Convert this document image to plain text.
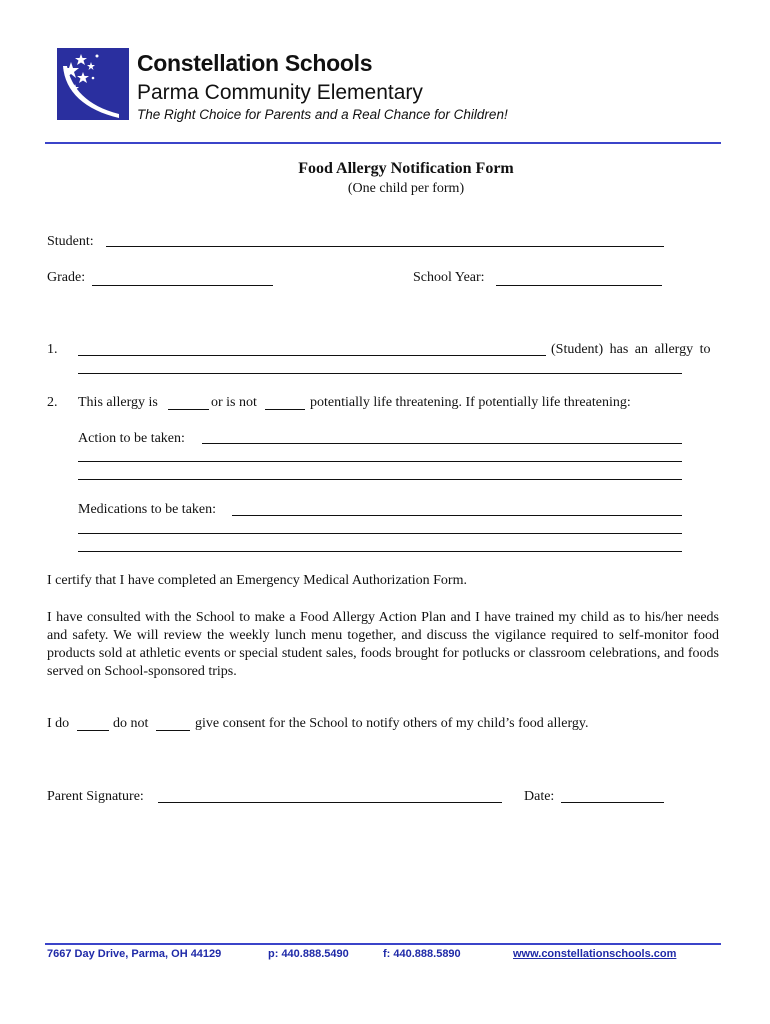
Constellation Schools
Parma Community Elementary
The Right Choice for Parents and a Real Chance for Children!
Food Allergy Notification Form
(One child per form)
Student:
Grade:	School Year:
1.	(Student) has an allergy to
2. This allergy is	or is not	potentially life threatening. If potentially life threatening:
Action to be taken:
Medications to be taken:
I certify that I have completed an Emergency Medical Authorization Form.
I have consulted with the School to make a Food Allergy Action Plan and I have trained my child as to his/her needs and safety. We will review the weekly lunch menu together, and discuss the vigilance required to self-monitor food products sold at athletic events or special student sales, foods brought for potlucks or classroom celebrations, and foods served on School-sponsored trips.
I do	do not	give consent for the School to notify others of my child’s food allergy.
Parent Signature:	Date:
7667 Day Drive, Parma, OH 44129	p: 440.888.5490	f: 440.888.5890	www.constellationschools.com
